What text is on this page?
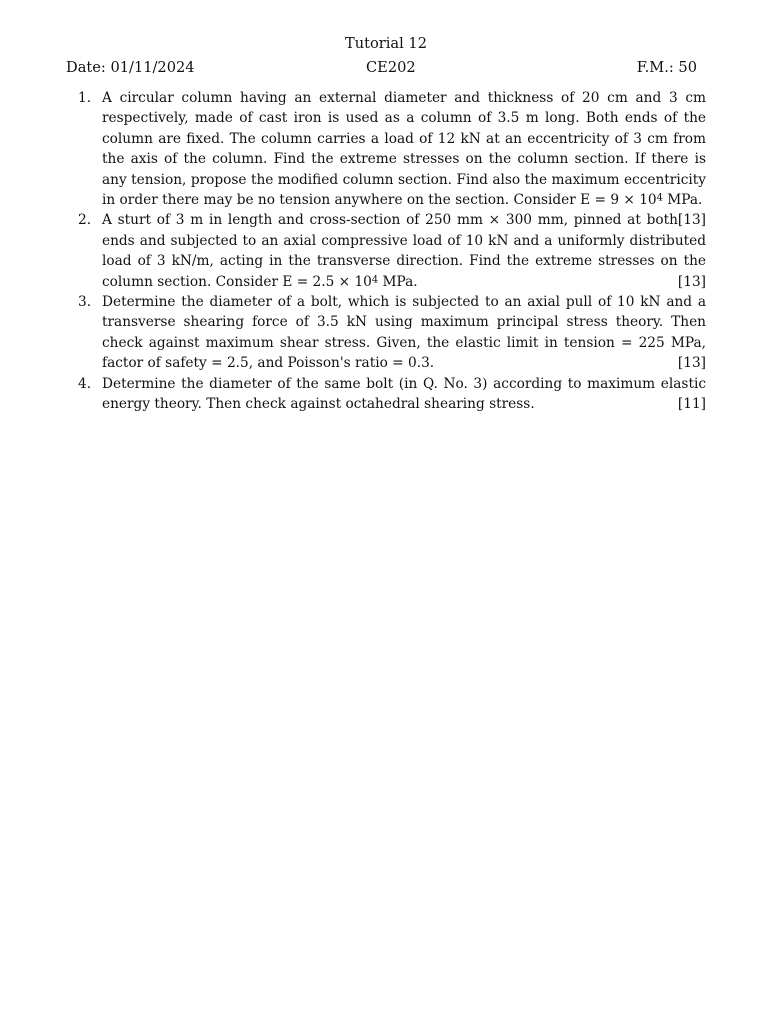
Tutorial 12
Date: 01/11/2024	CE202	F.M.: 50
1. A circular column having an external diameter and thickness of 20 cm and 3 cm respectively, made of cast iron is used as a column of 3.5 m long. Both ends of the column are fixed. The column carries a load of 12 kN at an eccentricity of 3 cm from the axis of the column. Find the extreme stresses on the column section. If there is any tension, propose the modified column section. Find also the maximum eccentricity in order there may be no tension anywhere on the section. Consider $E = 9 \times 10^4$ MPa.
[13]
2. A sturt of 3 m in length and cross-section of 250 mm × 300 mm, pinned at both ends and subjected to an axial compressive load of 10 kN and a uniformly distributed load of 3 kN/m, acting in the transverse direction. Find the extreme stresses on the column section. Consider $E = 2.5 \times 10^4$ MPa.	[13]
3. Determine the diameter of a bolt, which is subjected to an axial pull of 10 kN and a transverse shearing force of 3.5 kN using maximum principal stress theory. Then check against maximum shear stress. Given, the elastic limit in tension = 225 MPa, factor of safety = 2.5, and Poisson's ratio = 0.3.	[13]
4. Determine the diameter of the same bolt (in Q. No. 3) according to maximum elastic energy theory. Then check against octahedral shearing stress.	[11]
